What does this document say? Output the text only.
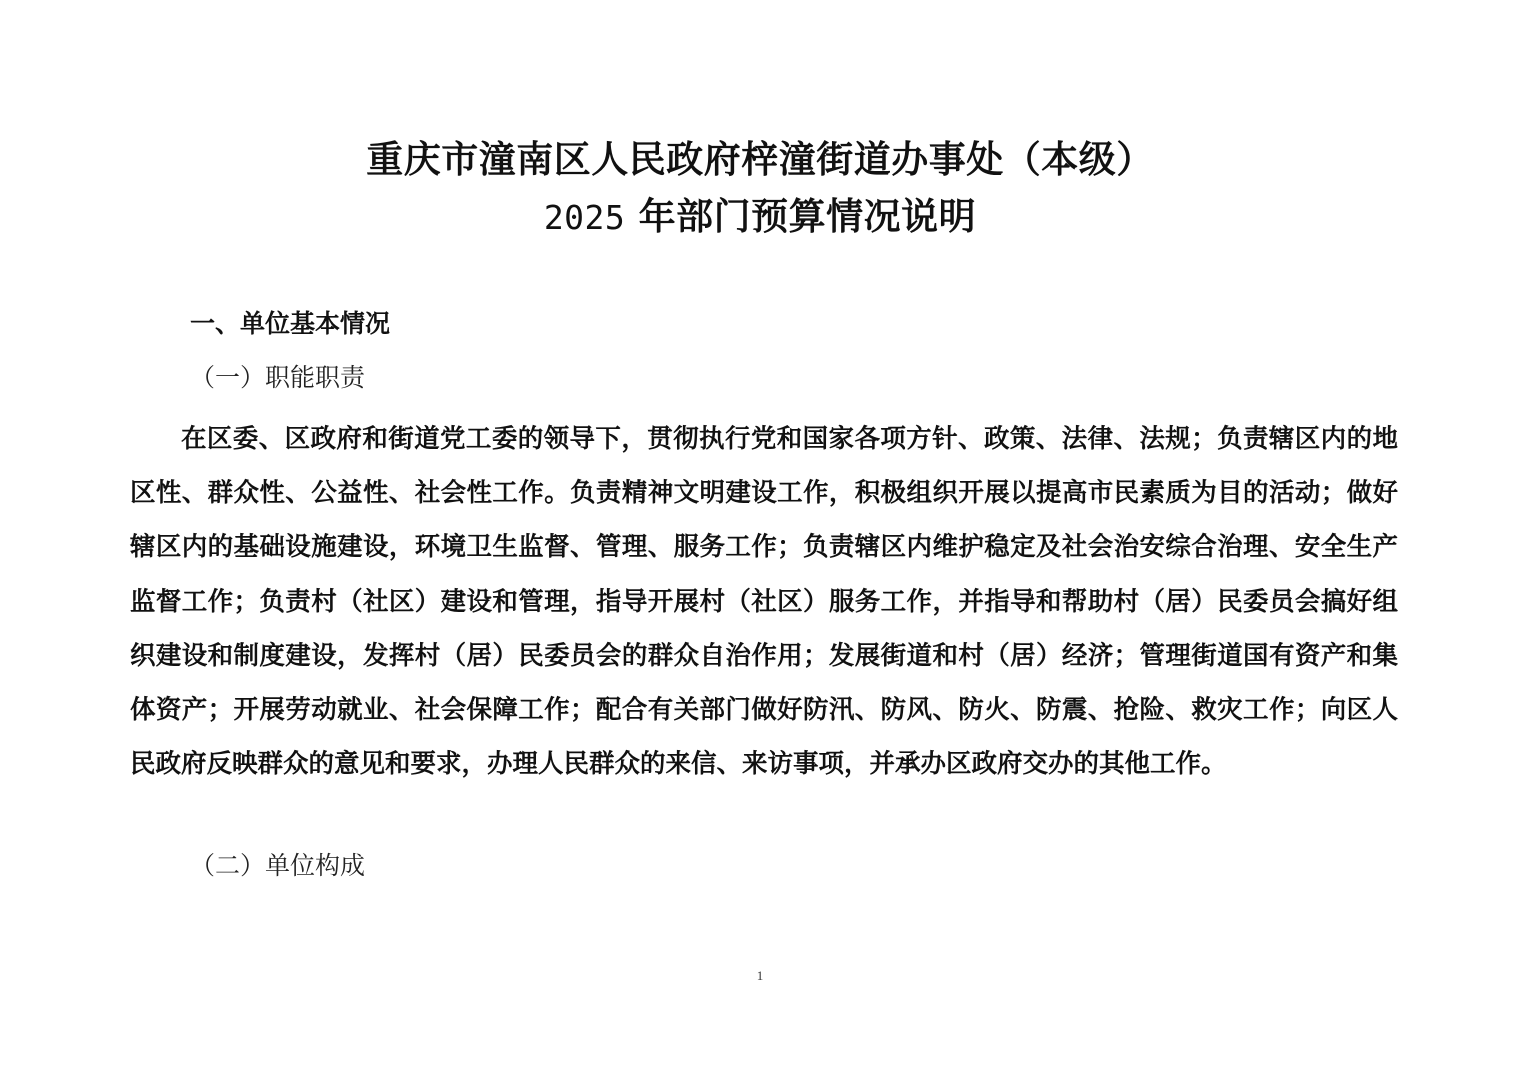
重庆市潼南区人民政府梓潼街道办事处（本级）
2025 年部门预算情况说明
一、单位基本情况
（一）职能职责
在区委、区政府和街道党工委的领导下，贯彻执行党和国家各项方针、政策、法律、法规；负责辖区内的地区性、群众性、公益性、社会性工作。负责精神文明建设工作，积极组织开展以提高市民素质为目的活动；做好辖区内的基础设施建设，环境卫生监督、管理、服务工作；负责辖区内维护稳定及社会治安综合治理、安全生产监督工作；负责村（社区）建设和管理，指导开展村（社区）服务工作，并指导和帮助村（居）民委员会搞好组织建设和制度建设，发挥村（居）民委员会的群众自治作用；发展街道和村（居）经济；管理街道国有资产和集体资产；开展劳动就业、社会保障工作；配合有关部门做好防汛、防风、防火、防震、抢险、救灾工作；向区人民政府反映群众的意见和要求，办理人民群众的来信、来访事项，并承办区政府交办的其他工作。
（二）单位构成
1
